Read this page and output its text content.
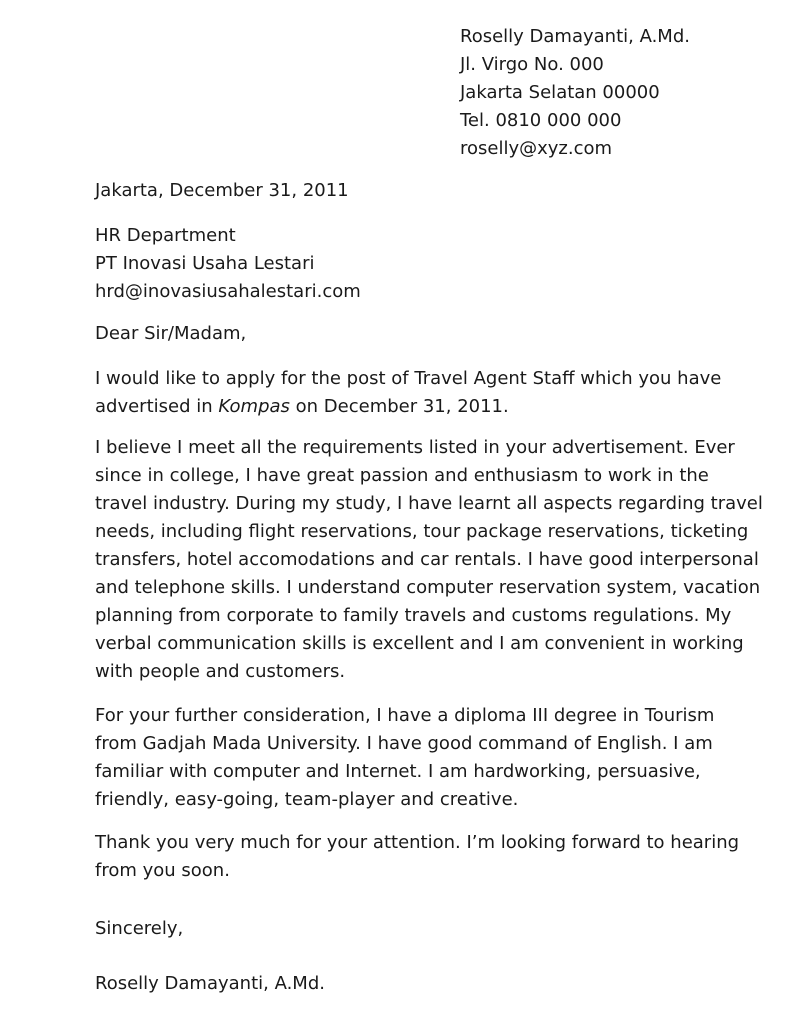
Roselly Damayanti, A.Md.
Jl. Virgo No. 000
Jakarta Selatan 00000
Tel. 0810 000 000
roselly@xyz.com
Jakarta, December 31, 2011
HR Department
PT Inovasi Usaha Lestari
hrd@inovasiusahalestari.com
Dear Sir/Madam,
I would like to apply for the post of Travel Agent Staff which you have
advertised in Kompas on December 31, 2011.
I believe I meet all the requirements listed in your advertisement. Ever
since in college, I have great passion and enthusiasm to work in the
travel industry. During my study, I have learnt all aspects regarding travel
needs, including flight reservations, tour package reservations, ticketing
transfers, hotel accomodations and car rentals. I have good interpersonal
and telephone skills. I understand computer reservation system, vacation
planning from corporate to family travels and customs regulations. My
verbal communication skills is excellent and I am convenient in working
with people and customers.
For your further consideration, I have a diploma III degree in Tourism
from Gadjah Mada University. I have good command of English. I am
familiar with computer and Internet. I am hardworking, persuasive,
friendly, easy-going, team-player and creative.
Thank you very much for your attention. I’m looking forward to hearing
from you soon.
Sincerely,
Roselly Damayanti, A.Md.
